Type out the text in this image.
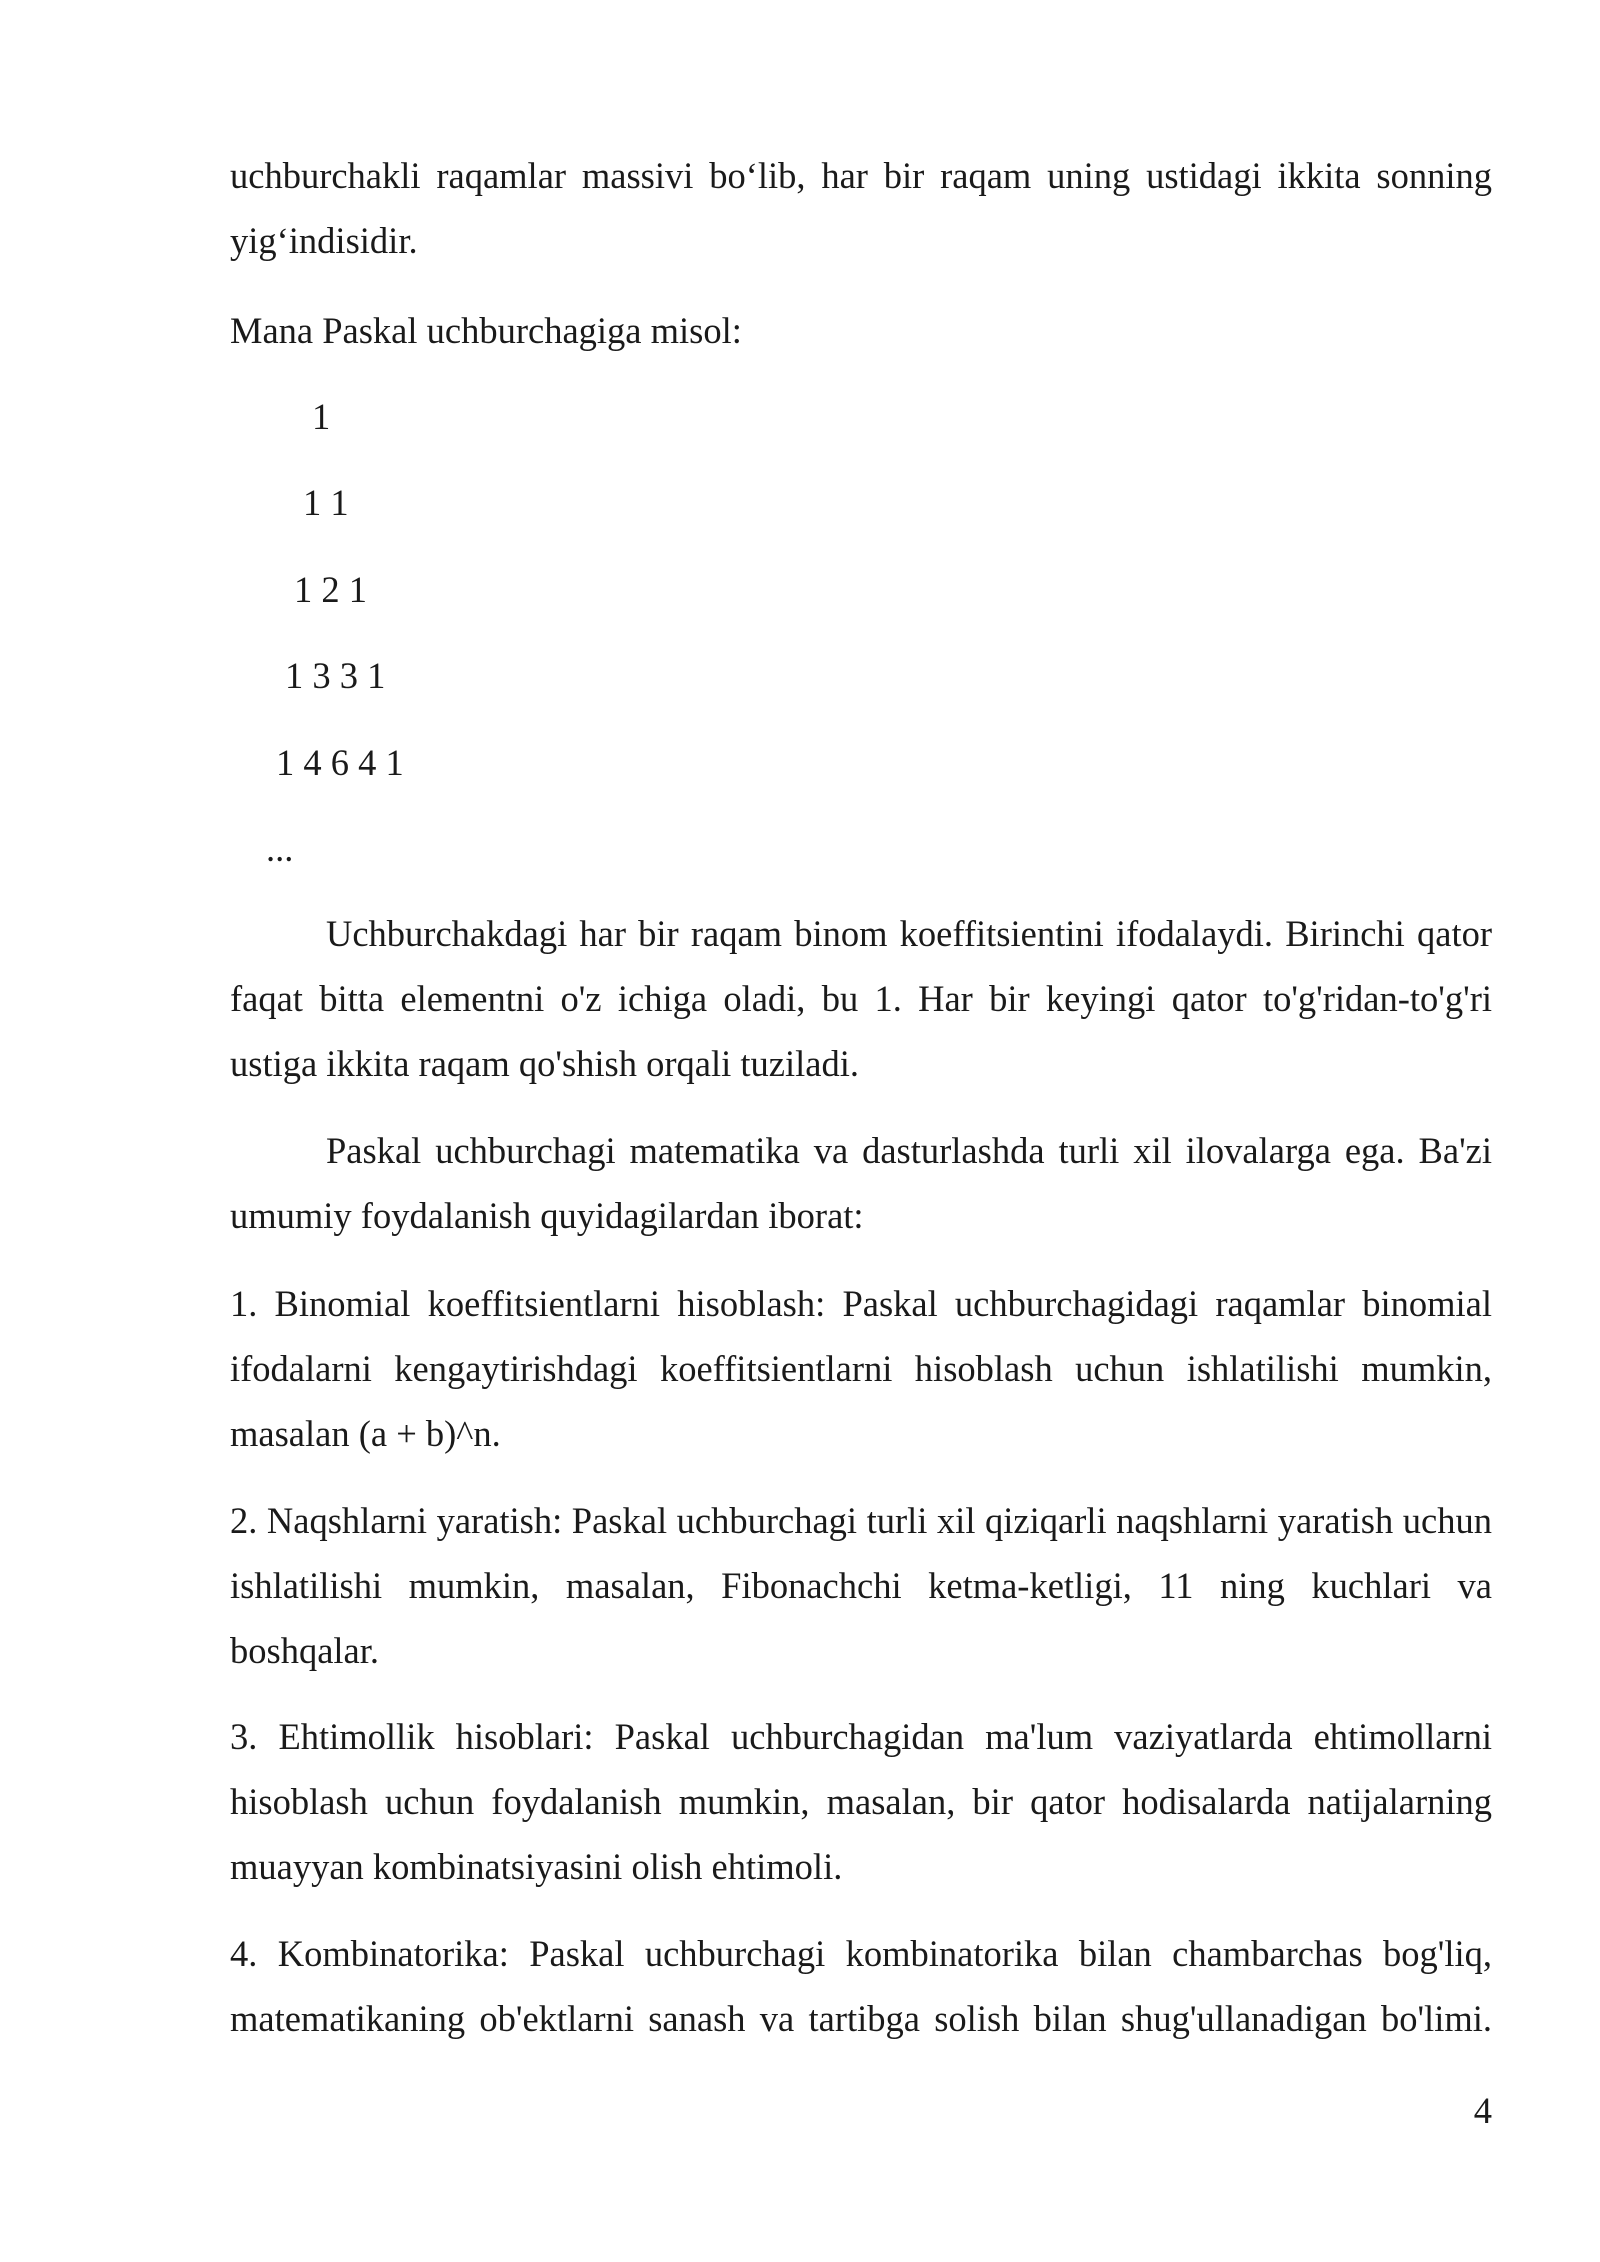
uchburchakli raqamlar massivi bo‘lib, har bir raqam uning ustidagi ikkita sonning yig‘indisidir.

Mana Paskal uchburchagiga misol:

1

1 1

1 2 1

1 3 3 1

1 4 6 4 1

...

Uchburchakdagi har bir raqam binom koeffitsientini ifodalaydi. Birinchi qator faqat bitta elementni o'z ichiga oladi, bu 1. Har bir keyingi qator to'g'ridan-to'g'ri ustiga ikkita raqam qo'shish orqali tuziladi.

Paskal uchburchagi matematika va dasturlashda turli xil ilovalarga ega. Ba'zi umumiy foydalanish quyidagilardan iborat:

1. Binomial koeffitsientlarni hisoblash: Paskal uchburchagidagi raqamlar binomial ifodalarni kengaytirishdagi koeffitsientlarni hisoblash uchun ishlatilishi mumkin, masalan (a + b)^n.

2. Naqshlarni yaratish: Paskal uchburchagi turli xil qiziqarli naqshlarni yaratish uchun ishlatilishi mumkin, masalan, Fibonachchi ketma-ketligi, 11 ning kuchlari va boshqalar.

3. Ehtimollik hisoblari: Paskal uchburchagidan ma'lum vaziyatlarda ehtimollarni hisoblash uchun foydalanish mumkin, masalan, bir qator hodisalarda natijalarning muayyan kombinatsiyasini olish ehtimoli.

4. Kombinatorika: Paskal uchburchagi kombinatorika bilan chambarchas bog'liq, matematikaning ob'ektlarni sanash va tartibga solish bilan shug'ullanadigan bo'limi.

4
